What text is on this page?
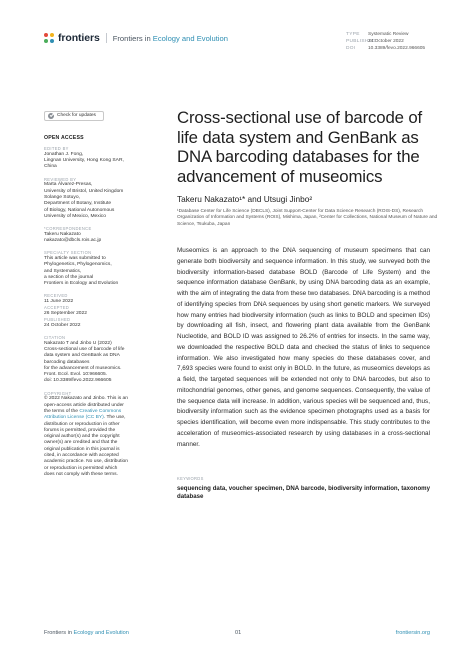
frontiers Frontiers in Ecology and Evolution	TYPE Systematic Review
PUBLISHED24 October 2022
DOI	10.3389/fevo.2022.966605
Check for updates
OPEN ACCESS
EDITED BY
Jonathan J. Fong,
Lingnan University, Hong Kong SAR,
China
REVIEWED BY
Marta Álvarez-Presas,
University of Bristol, United Kingdom
Solange Sotuyo,
Department of Botany, Institute
of Biology, National Autonomous
University of Mexico, Mexico
*CORRESPONDENCE
Takeru Nakazato
nakazato@dbcls.rois.ac.jp
SPECIALTY SECTION
This article was submitted to
Phylogenetics, Phylogenomics,
and Systematics,
a section of the journal
Frontiers in Ecology and Evolution
RECEIVED
11 June 2022
ACCEPTED
26 September 2022
PUBLISHED
24 October 2022
CITATION
Nakazato T and Jinbo U (2022)
Cross-sectional use of barcode of life
data system and GenBank as DNA
barcoding databases
for the advancement of museomics.
Front. Ecol. Evol. 10:966605.
doi: 10.3389/fevo.2022.966605
COPYRIGHT
© 2022 Nakazato and Jinbo. This is an
open-access article distributed under
the terms of the Creative Commons
Attribution License (CC BY). The use,
distribution or reproduction in other
forums is permitted, provided the
original author(s) and the copyright
owner(s) are credited and that the
original publication in this journal is
cited, in accordance with accepted
academic practice. No use, distribution
or reproduction is permitted which
does not comply with these terms.
Cross-sectional use of barcode of life data system and GenBank as DNA barcoding databases for the advancement of museomics
Takeru Nakazato¹* and Utsugi Jinbo²
¹Database Center for Life Science (DBCLS), Joint Support-Center for Data Science Research (ROIS-DS), Research Organization of Information and Systems (ROIS), Mishima, Japan, ²Center for Collections, National Museum of Nature and Science, Tsukuba, Japan

Museomics is an approach to the DNA sequencing of museum specimens that can generate both biodiversity and sequence information. In this study, we surveyed both the biodiversity information-based database BOLD (Barcode of Life System) and the sequence information database GenBank, by using DNA barcoding data as an example, with the aim of integrating the data from these two databases. DNA barcoding is a method of identifying species from DNA sequences by using short genetic markers. We surveyed how many entries had biodiversity information (such as links to BOLD and specimen IDs) by downloading all fish, insect, and flowering plant data available from the GenBank Nucleotide, and BOLD ID was assigned to 26.2% of entries for insects. In the same way, we downloaded the respective BOLD data and checked the status of links to sequence information. We also investigated how many species do these databases cover, and 7,693 species were found to exist only in BOLD. In the future, as museomics develops as a field, the targeted sequences will be extended not only to DNA barcodes, but also to mitochondrial genomes, other genes, and genome sequences. Consequently, the value of the sequence data will increase. In addition, various species will be sequenced and, thus, biodiversity information such as the evidence specimen photographs used as a basis for species identification, will become even more indispensable. This study contributes to the acceleration of museomics-associated research by using databases in a cross-sectional manner.

KEYWORDS
sequencing data, voucher specimen, DNA barcode, biodiversity information, taxonomy database
Frontiers in Ecology and Evolution	01	frontiersin.org
